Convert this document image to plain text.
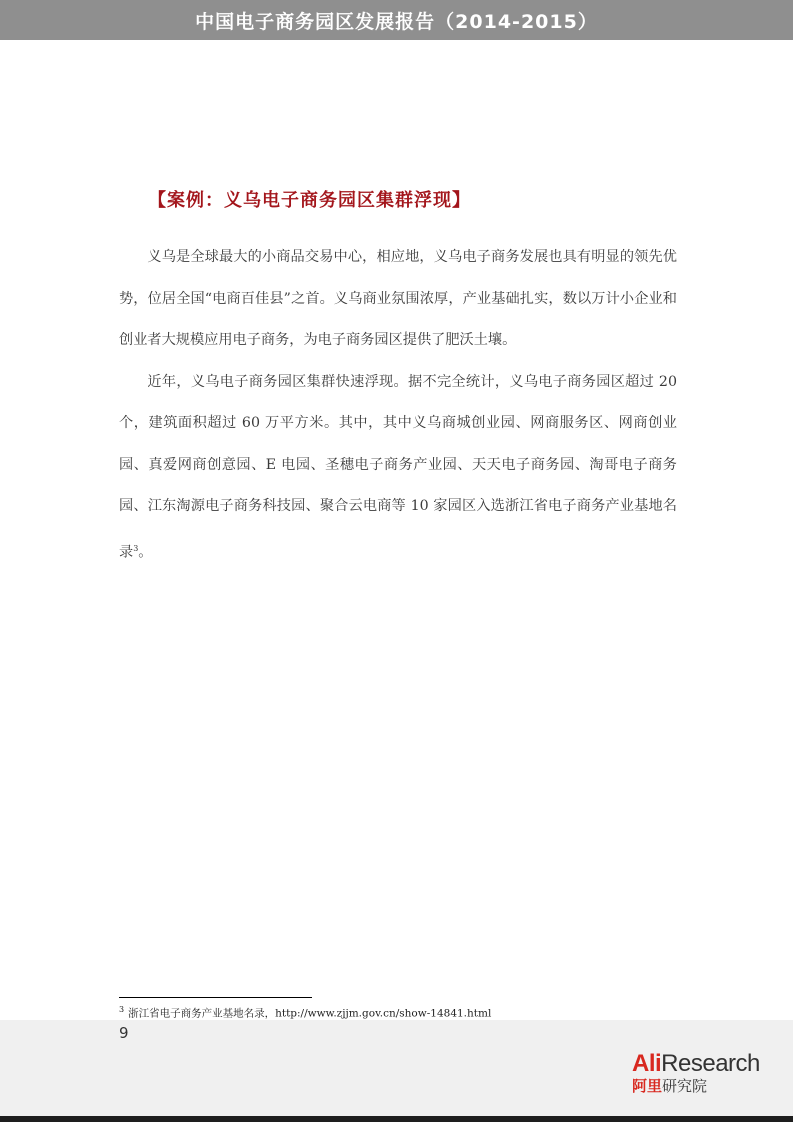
中国电子商务园区发展报告（2014-2015）
【案例：义乌电子商务园区集群浮现】

义乌是全球最大的小商品交易中心，相应地，义乌电子商务发展也具有明显的领先优势，位居全国“电商百佳县”之首。义乌商业氛围浓厚，产业基础扎实，数以万计小企业和创业者大规模应用电子商务，为电子商务园区提供了肥沃土壤。

近年，义乌电子商务园区集群快速浮现。据不完全统计，义乌电子商务园区超过 20 个，建筑面积超过 60 万平方米。其中，其中义乌商城创业园、网商服务区、网商创业园、真爱网商创意园、E 电园、圣穗电子商务产业园、天天电子商务园、淘哥电子商务园、江东淘源电子商务科技园、聚合云电商等 10 家园区入选浙江省电子商务产业基地名录$^3$。

$^3$ 浙江省电子商务产业基地名录，http://www.zjjm.gov.cn/show-14841.html
9
AliResearch
阿里研究院
